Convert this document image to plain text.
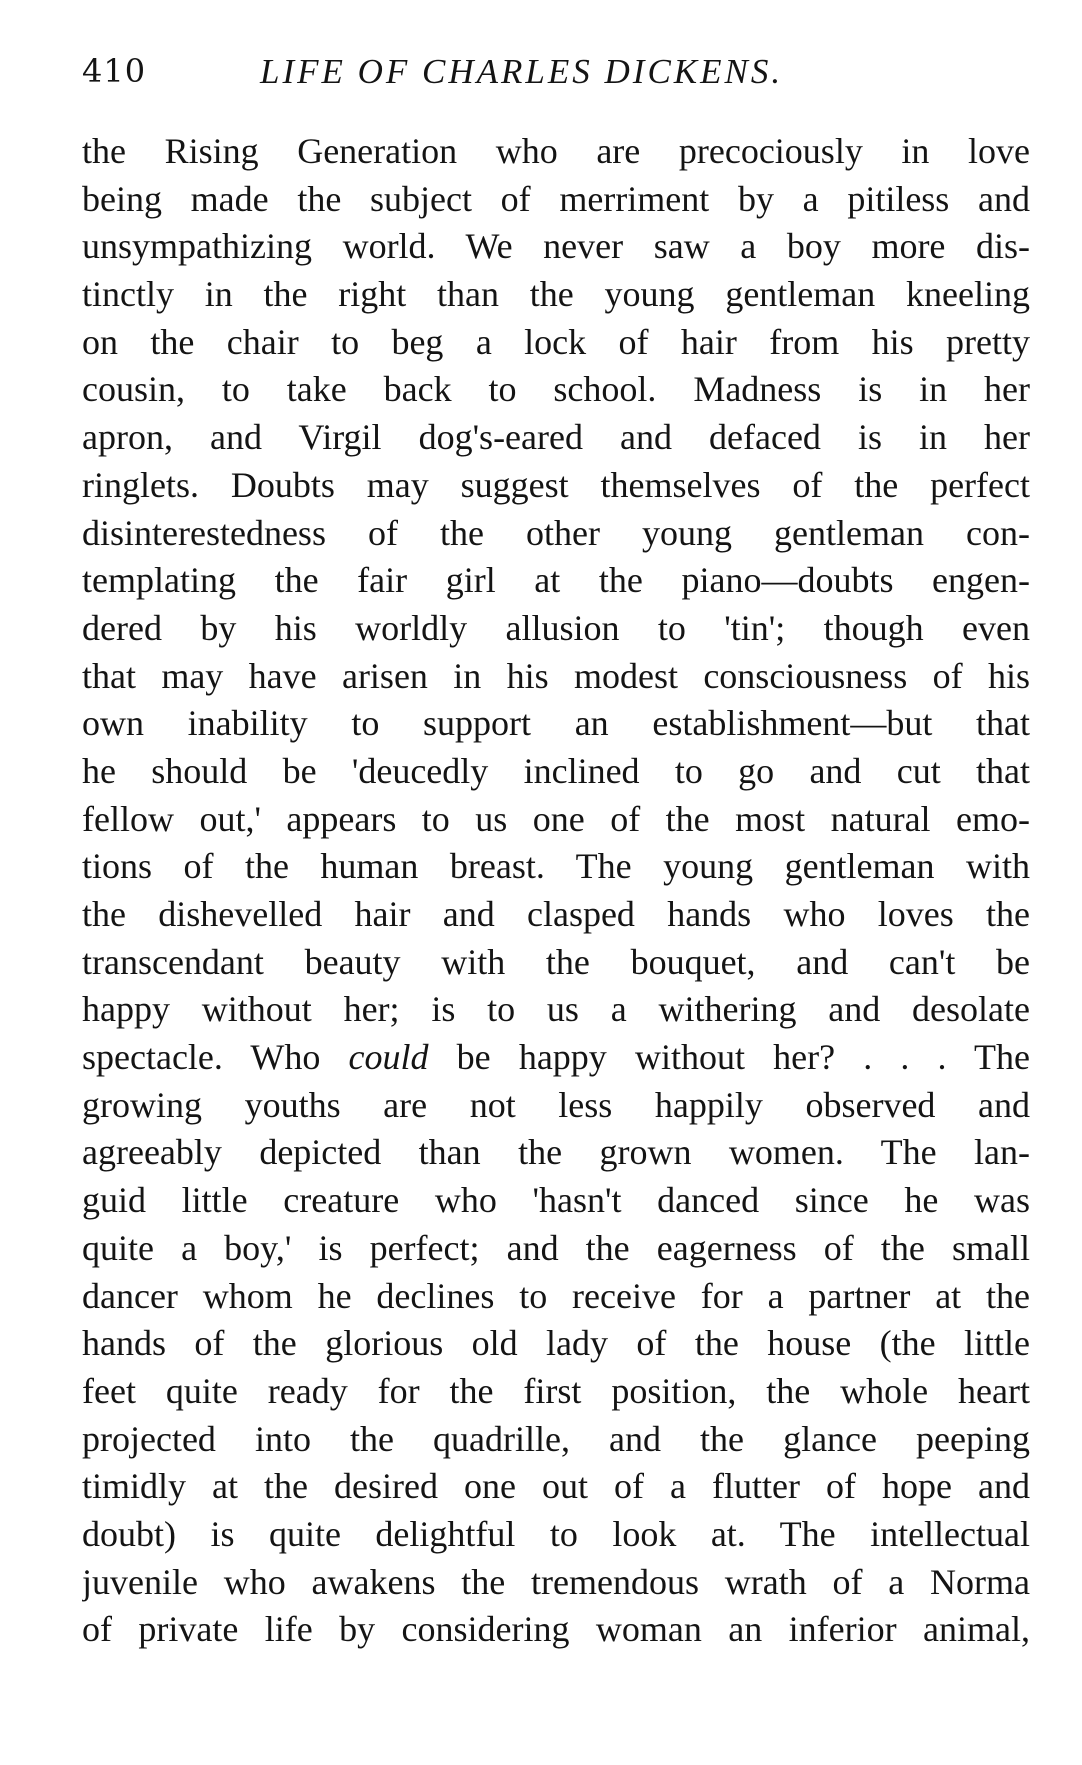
410	LIFE OF CHARLES DICKENS.
the Rising Generation who are precociously in love
being made the subject of merriment by a pitiless and
unsympathizing world. We never saw a boy more dis-
tinctly in the right than the young gentleman kneeling
on the chair to beg a lock of hair from his pretty
cousin, to take back to school. Madness is in her
apron, and Virgil dog's-eared and defaced is in her
ringlets. Doubts may suggest themselves of the perfect
disinterestedness of the other young gentleman con-
templating the fair girl at the piano—doubts engen-
dered by his worldly allusion to 'tin'; though even
that may have arisen in his modest consciousness of his
own inability to support an establishment—but that
he should be 'deucedly inclined to go and cut that
fellow out,' appears to us one of the most natural emo-
tions of the human breast. The young gentleman with
the dishevelled hair and clasped hands who loves the
transcendant beauty with the bouquet, and can't be
happy without her; is to us a withering and desolate
spectacle. Who could be happy without her? . . . The
growing youths are not less happily observed and
agreeably depicted than the grown women. The lan-
guid little creature who 'hasn't danced since he was
quite a boy,' is perfect; and the eagerness of the small
dancer whom he declines to receive for a partner at the
hands of the glorious old lady of the house (the little
feet quite ready for the first position, the whole heart
projected into the quadrille, and the glance peeping
timidly at the desired one out of a flutter of hope and
doubt) is quite delightful to look at. The intellectual
juvenile who awakens the tremendous wrath of a Norma
of private life by considering woman an inferior animal,
